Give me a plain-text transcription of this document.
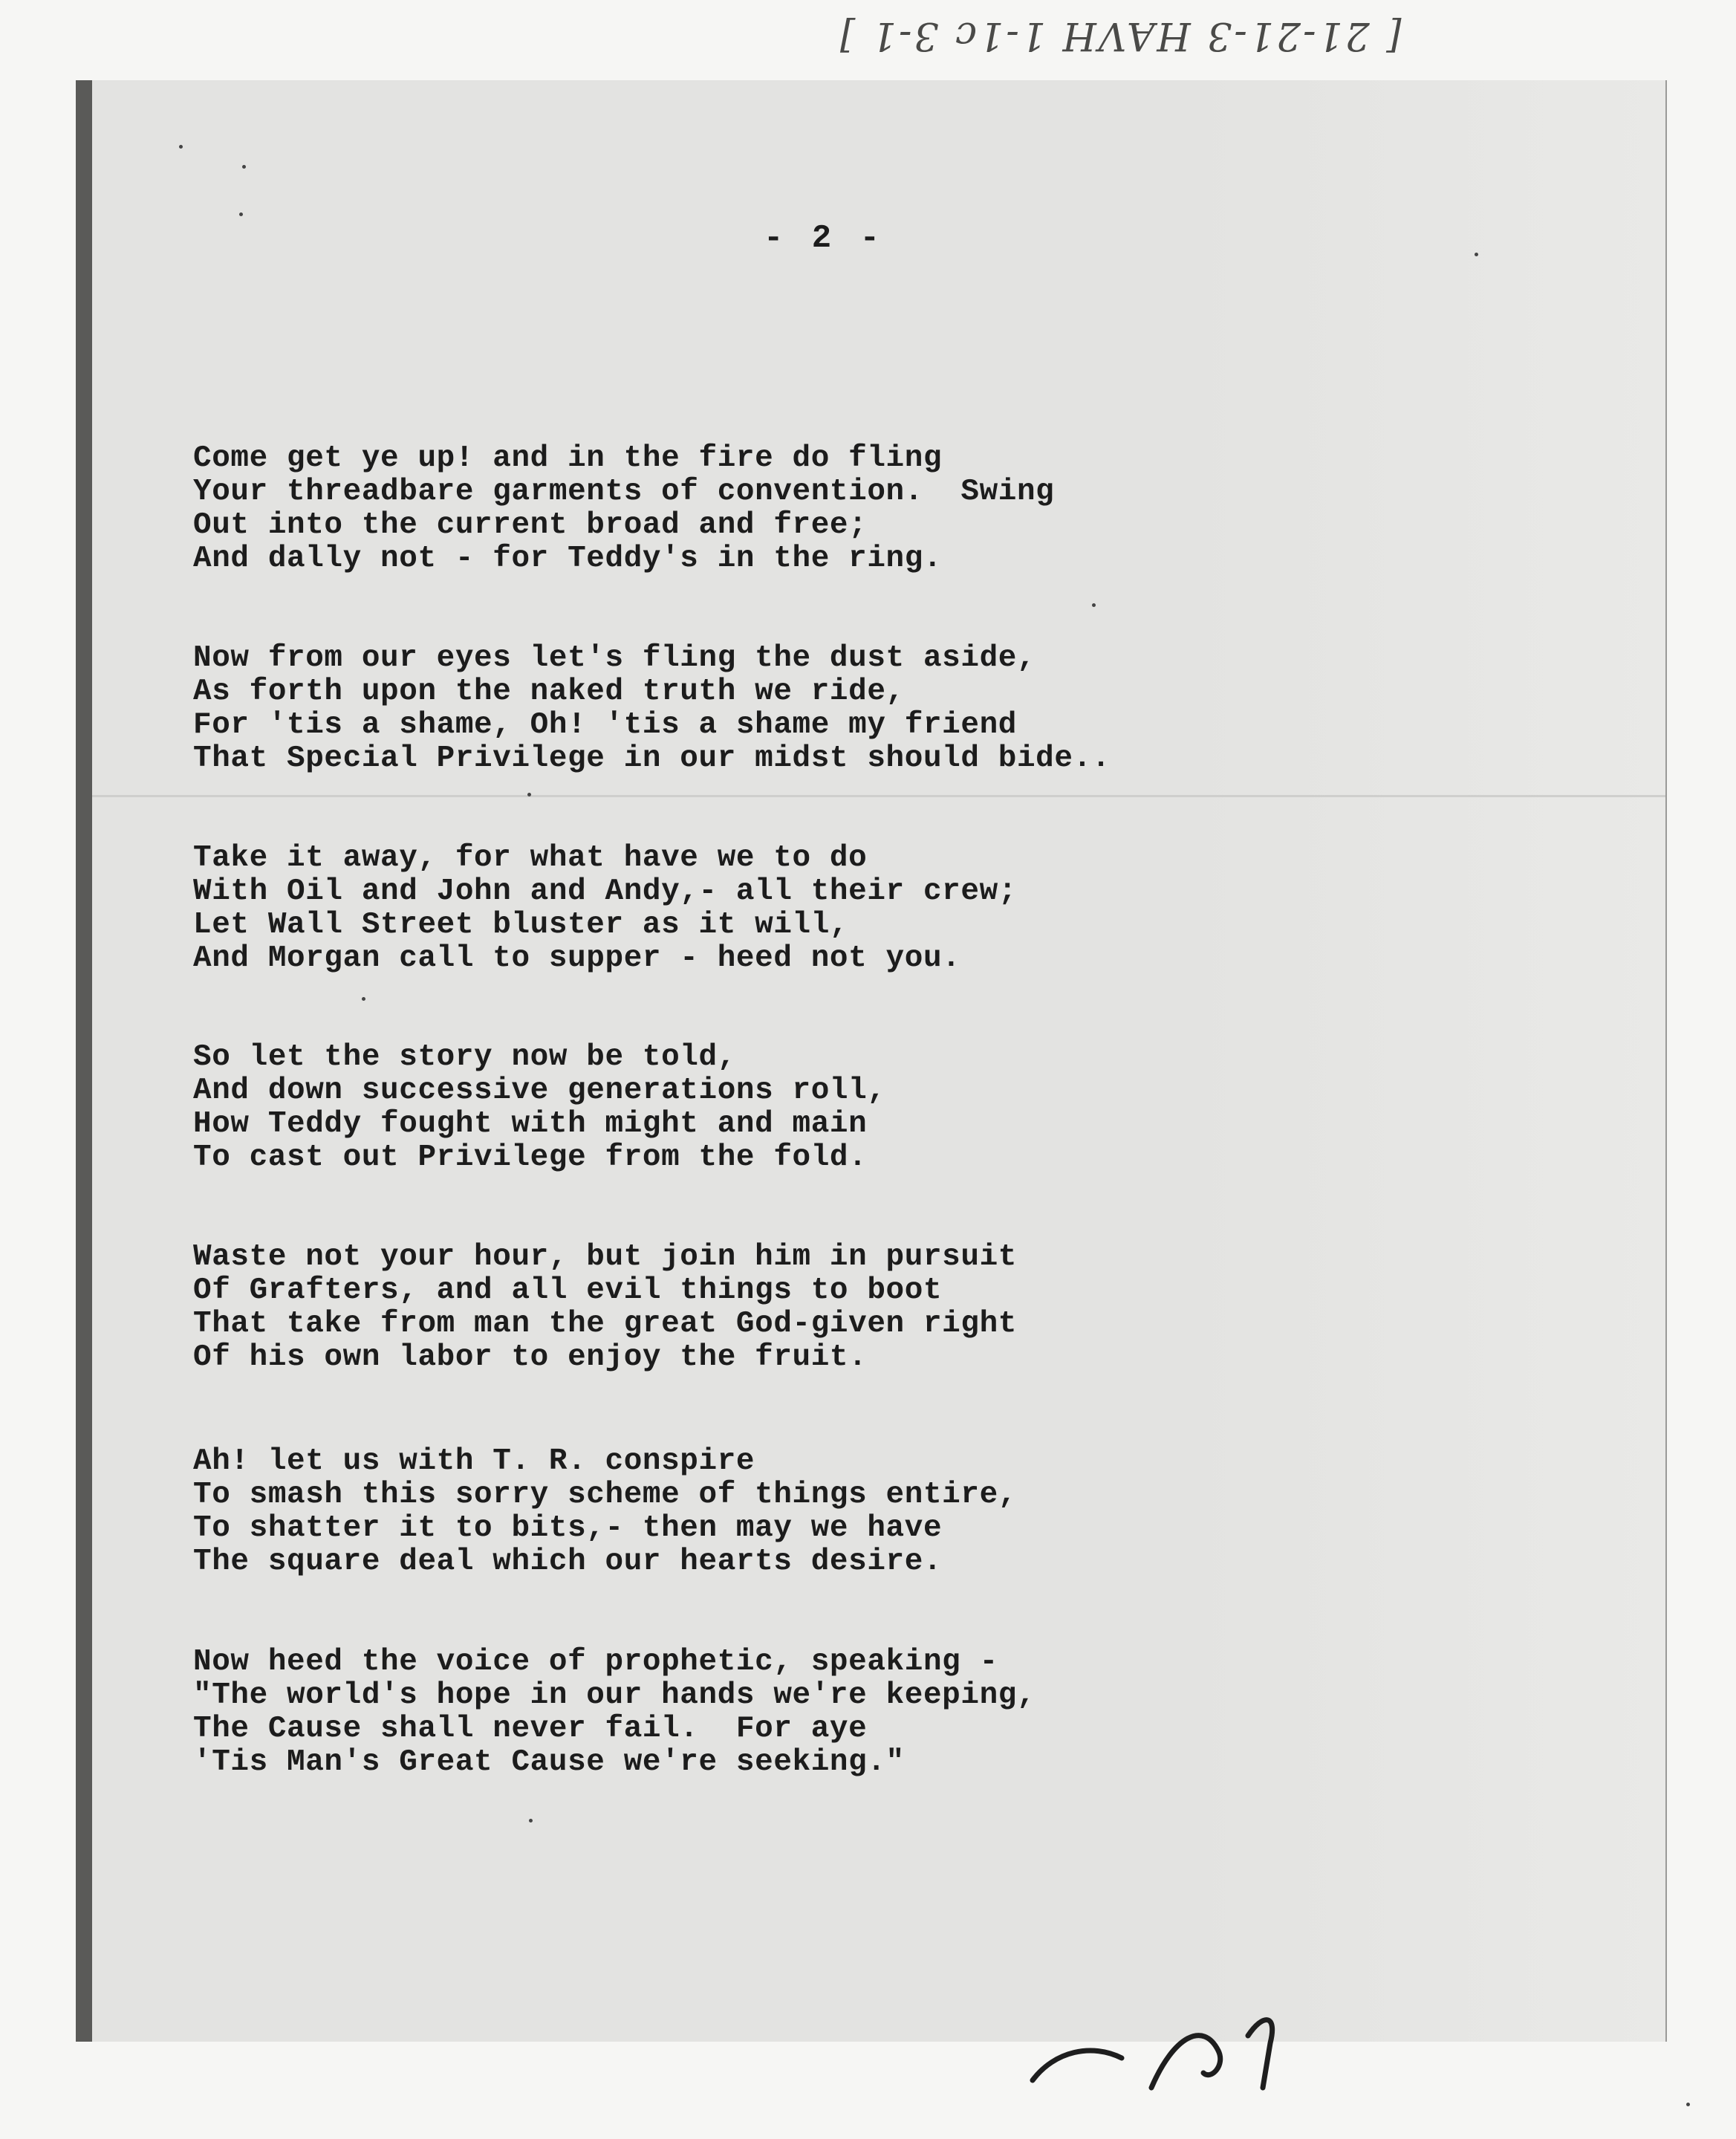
[ 21-21-3 HAVH 1-1c 3-1 ]
- 2 -
Come get ye up! and in the fire do fling
Your threadbare garments of convention.  Swing
Out into the current broad and free;
And dally not - for Teddy's in the ring.
Now from our eyes let's fling the dust aside,
As forth upon the naked truth we ride,
For 'tis a shame, Oh! 'tis a shame my friend
That Special Privilege in our midst should bide..
Take it away, for what have we to do
With Oil and John and Andy,- all their crew;
Let Wall Street bluster as it will,
And Morgan call to supper - heed not you.
So let the story now be told,
And down successive generations roll,
How Teddy fought with might and main
To cast out Privilege from the fold.
Waste not your hour, but join him in pursuit
Of Grafters, and all evil things to boot
That take from man the great God-given right
Of his own labor to enjoy the fruit.
Ah! let us with T. R. conspire
To smash this sorry scheme of things entire,
To shatter it to bits,- then may we have
The square deal which our hearts desire.
Now heed the voice of prophetic, speaking -
"The world's hope in our hands we're keeping,
The Cause shall never fail.  For aye
'Tis Man's Great Cause we're seeking."
